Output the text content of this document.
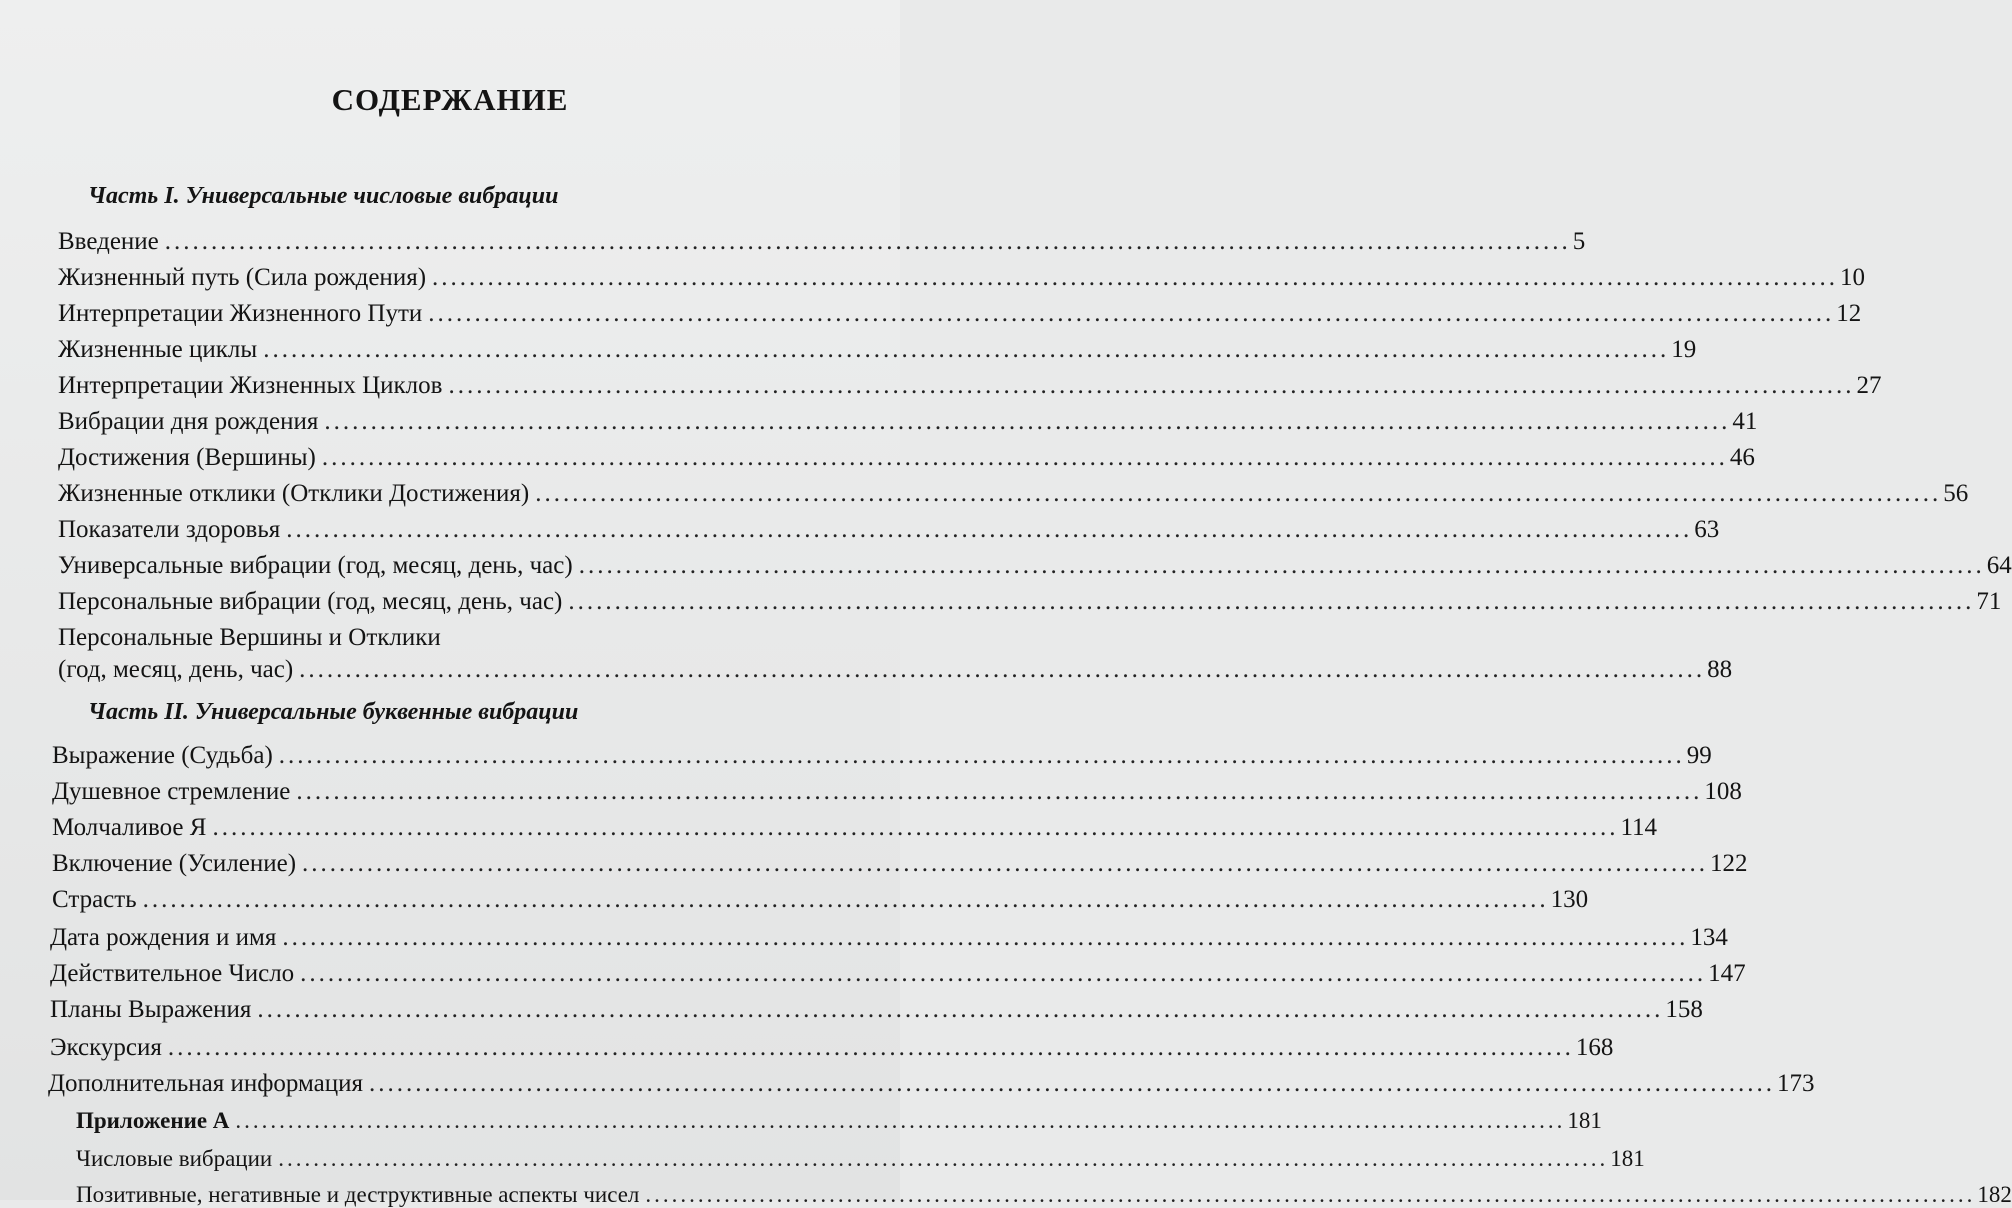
СОДЕРЖАНИЕ
Часть I. Универсальные числовые вибрации
Введение ........................................................................................................................................................ 5
Жизненный путь (Сила рождения) ........................................................................................................................................................ 10
Интерпретации Жизненного Пути ........................................................................................................................................................ 12
Жизненные циклы ........................................................................................................................................................ 19
Интерпретации Жизненных Циклов ........................................................................................................................................................ 27
Вибрации дня рождения ........................................................................................................................................................ 41
Достижения (Вершины) ........................................................................................................................................................ 46
Жизненные отклики (Отклики Достижения) ........................................................................................................................................................ 56
Показатели здоровья ........................................................................................................................................................ 63
Универсальные вибрации (год, месяц, день, час) ........................................................................................................................................................ 64
Персональные вибрации (год, месяц, день, час) ........................................................................................................................................................ 71
Персональные Вершины и Отклики
(год, месяц, день, час) ........................................................................................................................................................ 88
Часть II. Универсальные буквенные вибрации
Выражение (Судьба) ........................................................................................................................................................ 99
Душевное стремление ........................................................................................................................................................ 108
Молчаливое Я ........................................................................................................................................................ 114
Включение (Усиление) ........................................................................................................................................................ 122
Страсть ........................................................................................................................................................ 130
Дата рождения и имя ........................................................................................................................................................ 134
Действительное Число ........................................................................................................................................................ 147
Планы Выражения ........................................................................................................................................................ 158
Экскурсия ........................................................................................................................................................ 168
Дополнительная информация ........................................................................................................................................................ 173
Приложение А ........................................................................................................................................................ 181
Числовые вибрации ........................................................................................................................................................ 181
Позитивные, негативные и деструктивные аспекты чисел ........................................................................................................................................................ 182
